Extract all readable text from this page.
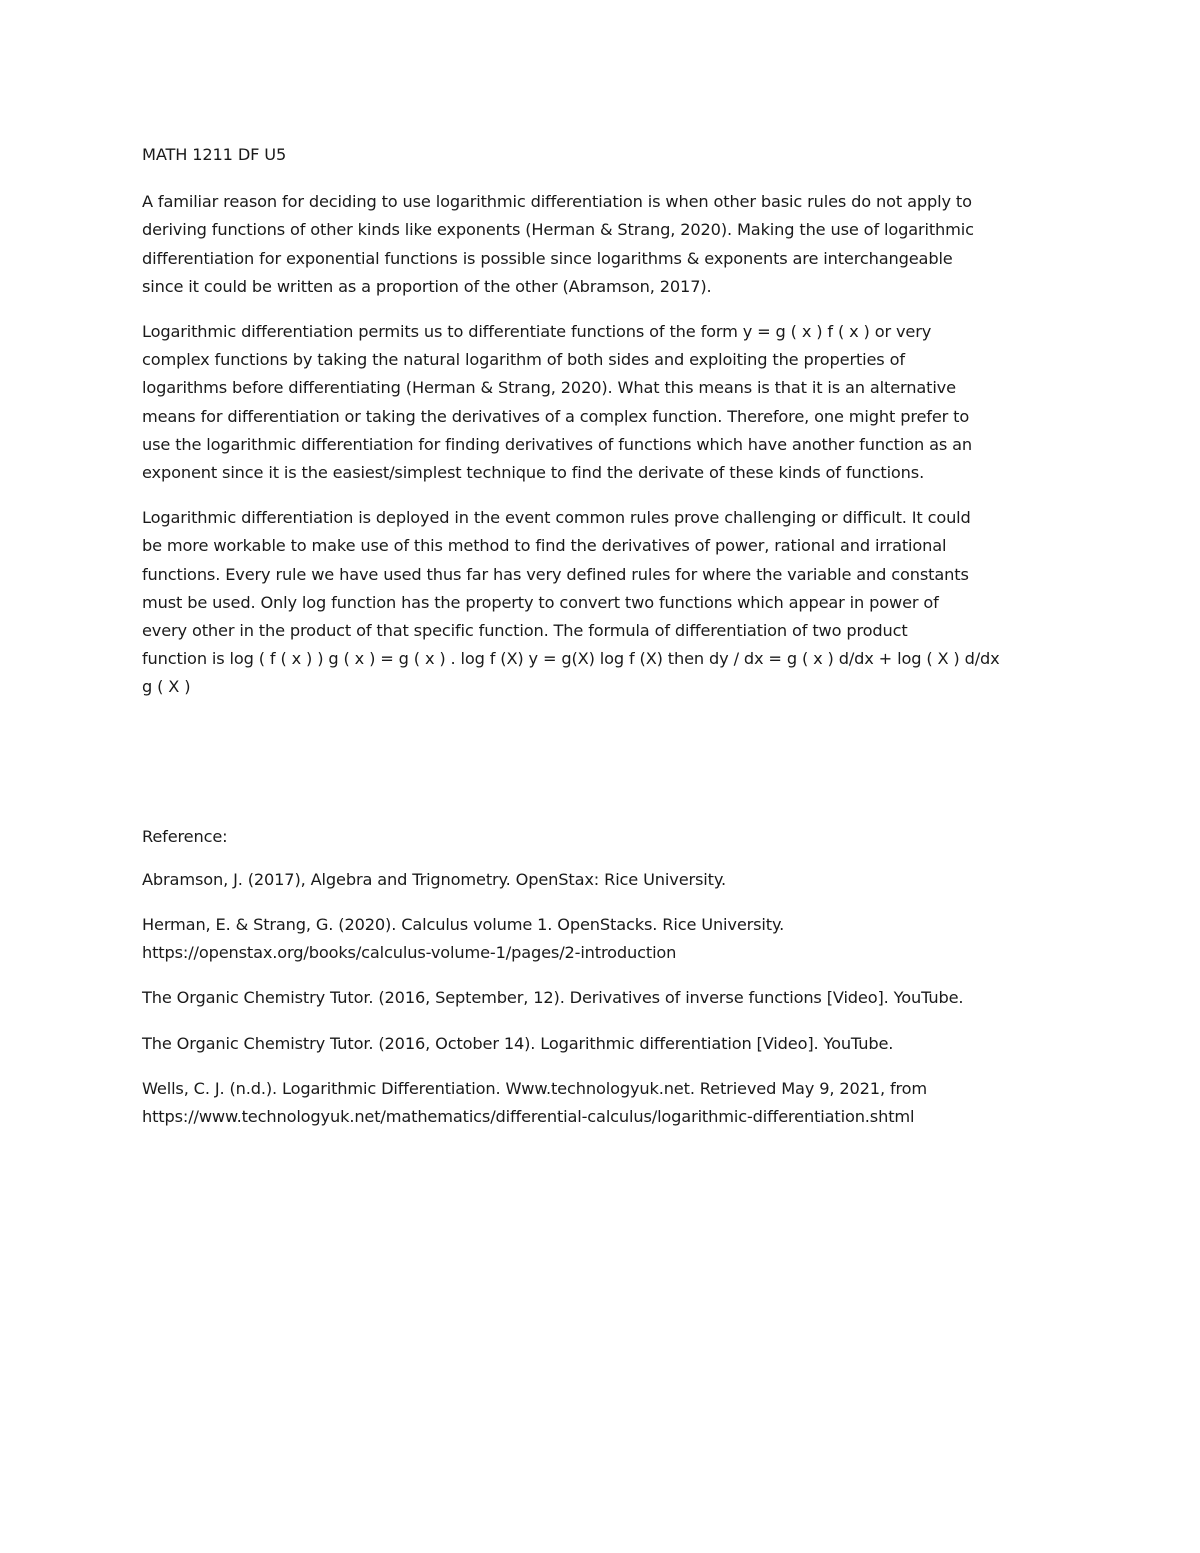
MATH 1211 DF U5
A familiar reason for deciding to use logarithmic differentiation is when other basic rules do not apply to
deriving functions of other kinds like exponents (Herman & Strang, 2020). Making the use of logarithmic
differentiation for exponential functions is possible since logarithms & exponents are interchangeable
since it could be written as a proportion of the other (Abramson, 2017).
Logarithmic differentiation permits us to differentiate functions of the form y = g ( x ) f ( x ) or very
complex functions by taking the natural logarithm of both sides and exploiting the properties of
logarithms before differentiating (Herman & Strang, 2020). What this means is that it is an alternative
means for differentiation or taking the derivatives of a complex function. Therefore, one might prefer to
use the logarithmic differentiation for finding derivatives of functions which have another function as an
exponent since it is the easiest/simplest technique to find the derivate of these kinds of functions.
Logarithmic differentiation is deployed in the event common rules prove challenging or difficult. It could
be more workable to make use of this method to find the derivatives of power, rational and irrational
functions. Every rule we have used thus far has very defined rules for where the variable and constants
must be used. Only log function has the property to convert two functions which appear in power of
every other in the product of that specific function. The formula of differentiation of two product
function is log ( f ( x ) ) g ( x ) = g ( x ) . log f (X) y = g(X) log f (X) then dy / dx = g ( x ) d/dx + log ( X ) d/dx
g ( X )
Reference:
Abramson, J. (2017), Algebra and Trignometry. OpenStax: Rice University.
Herman, E. & Strang, G. (2020). Calculus volume 1. OpenStacks. Rice University.
https://openstax.org/books/calculus-volume-1/pages/2-introduction
The Organic Chemistry Tutor. (2016, September, 12). Derivatives of inverse functions [Video]. YouTube.
The Organic Chemistry Tutor. (2016, October 14). Logarithmic differentiation [Video]. YouTube.
Wells, C. J. (n.d.). Logarithmic Differentiation. Www.technologyuk.net. Retrieved May 9, 2021, from
https://www.technologyuk.net/mathematics/differential-calculus/logarithmic-differentiation.shtml
